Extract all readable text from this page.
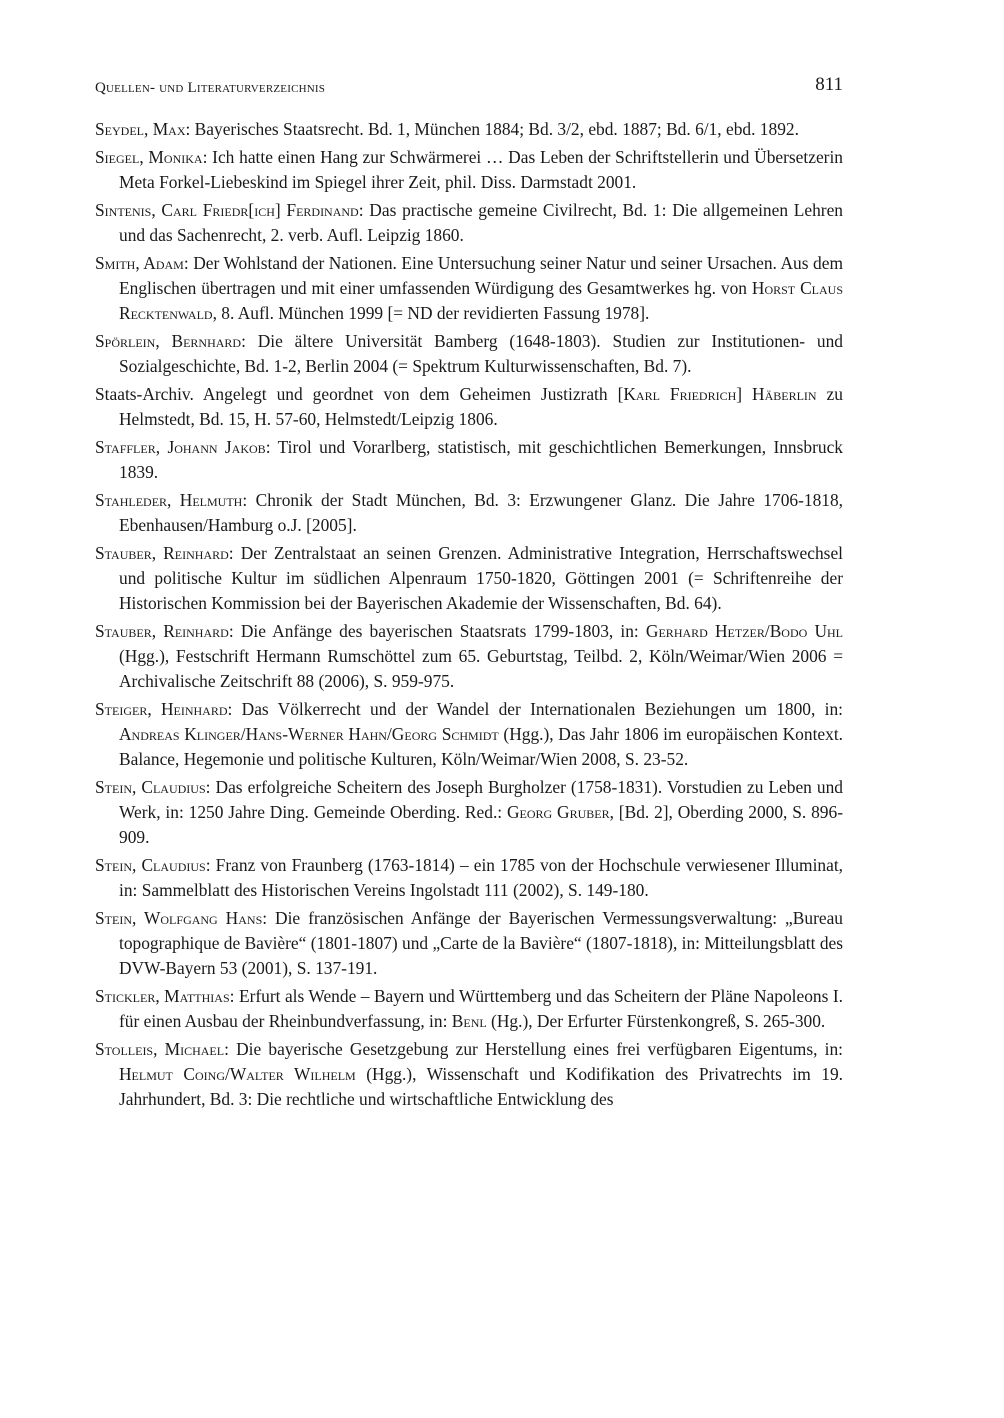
Quellen- und Literaturverzeichnis	811

Seydel, Max: Bayerisches Staatsrecht. Bd. 1, München 1884; Bd. 3/2, ebd. 1887; Bd. 6/1, ebd. 1892.

Siegel, Monika: Ich hatte einen Hang zur Schwärmerei … Das Leben der Schriftstellerin und Übersetzerin Meta Forkel-Liebeskind im Spiegel ihrer Zeit, phil. Diss. Darmstadt 2001.

Sintenis, Carl Friedr[ich] Ferdinand: Das practische gemeine Civilrecht, Bd. 1: Die allgemeinen Lehren und das Sachenrecht, 2. verb. Aufl. Leipzig 1860.

Smith, Adam: Der Wohlstand der Nationen. Eine Untersuchung seiner Natur und seiner Ursachen. Aus dem Englischen übertragen und mit einer umfassenden Würdigung des Gesamtwerkes hg. von Horst Claus Recktenwald, 8. Aufl. München 1999 [= ND der revidierten Fassung 1978].

Spörlein, Bernhard: Die ältere Universität Bamberg (1648-1803). Studien zur Institutionen- und Sozialgeschichte, Bd. 1-2, Berlin 2004 (= Spektrum Kulturwissenschaften, Bd. 7).

Staats-Archiv. Angelegt und geordnet von dem Geheimen Justizrath [Karl Friedrich] Häberlin zu Helmstedt, Bd. 15, H. 57-60, Helmstedt/Leipzig 1806.

Staffler, Johann Jakob: Tirol und Vorarlberg, statistisch, mit geschichtlichen Bemerkungen, Innsbruck 1839.

Stahleder, Helmuth: Chronik der Stadt München, Bd. 3: Erzwungener Glanz. Die Jahre 1706-1818, Ebenhausen/Hamburg o.J. [2005].

Stauber, Reinhard: Der Zentralstaat an seinen Grenzen. Administrative Integration, Herrschaftswechsel und politische Kultur im südlichen Alpenraum 1750-1820, Göttingen 2001 (= Schriftenreihe der Historischen Kommission bei der Bayerischen Akademie der Wissenschaften, Bd. 64).

Stauber, Reinhard: Die Anfänge des bayerischen Staatsrats 1799-1803, in: Gerhard Hetzer/Bodo Uhl (Hgg.), Festschrift Hermann Rumschöttel zum 65. Geburtstag, Teilbd. 2, Köln/Weimar/Wien 2006 = Archivalische Zeitschrift 88 (2006), S. 959-975.

Steiger, Heinhard: Das Völkerrecht und der Wandel der Internationalen Beziehungen um 1800, in: Andreas Klinger/Hans-Werner Hahn/Georg Schmidt (Hgg.), Das Jahr 1806 im europäischen Kontext. Balance, Hegemonie und politische Kulturen, Köln/Weimar/Wien 2008, S. 23-52.

Stein, Claudius: Das erfolgreiche Scheitern des Joseph Burgholzer (1758-1831). Vorstudien zu Leben und Werk, in: 1250 Jahre Ding. Gemeinde Oberding. Red.: Georg Gruber, [Bd. 2], Oberding 2000, S. 896-909.

Stein, Claudius: Franz von Fraunberg (1763-1814) – ein 1785 von der Hochschule verwiesener Illuminat, in: Sammelblatt des Historischen Vereins Ingolstadt 111 (2002), S. 149-180.

Stein, Wolfgang Hans: Die französischen Anfänge der Bayerischen Vermessungsverwaltung: „Bureau topographique de Bavière“ (1801-1807) und „Carte de la Bavière“ (1807-1818), in: Mitteilungsblatt des DVW-Bayern 53 (2001), S. 137-191.

Stickler, Matthias: Erfurt als Wende – Bayern und Württemberg und das Scheitern der Pläne Napoleons I. für einen Ausbau der Rheinbundverfassung, in: Benl (Hg.), Der Erfurter Fürstenkongreß, S. 265-300.

Stolleis, Michael: Die bayerische Gesetzgebung zur Herstellung eines frei verfügbaren Eigentums, in: Helmut Coing/Walter Wilhelm (Hgg.), Wissenschaft und Kodifikation des Privatrechts im 19. Jahrhundert, Bd. 3: Die rechtliche und wirtschaftliche Entwicklung des
